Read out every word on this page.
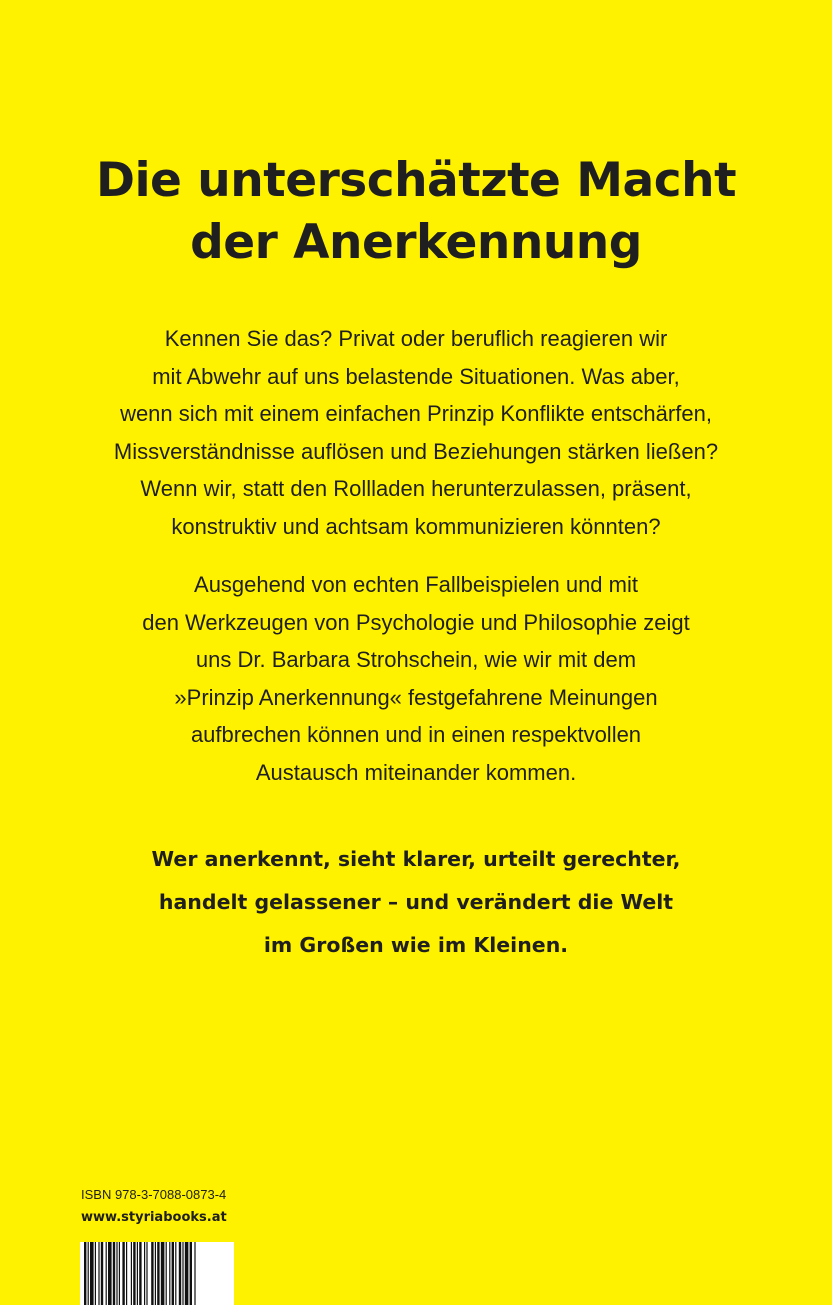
Die unterschätzte Macht
der Anerkennung

Kennen Sie das? Privat oder beruflich reagieren wir
mit Abwehr auf uns belastende Situationen. Was aber,
wenn sich mit einem einfachen Prinzip Konflikte entschärfen,
Missverständnisse auflösen und Beziehungen stärken ließen?
Wenn wir, statt den Rollladen herunterzulassen, präsent,
konstruktiv und achtsam kommunizieren könnten?

Ausgehend von echten Fallbeispielen und mit
den Werkzeugen von Psychologie und Philosophie zeigt
uns Dr. Barbara Strohschein, wie wir mit dem
»Prinzip Anerkennung« festgefahrene Meinungen
aufbrechen können und in einen respektvollen
Austausch miteinander kommen.

Wer anerkennt, sieht klarer, urteilt gerechter,
handelt gelassener – und verändert die Welt
im Großen wie im Kleinen.

ISBN 978-3-7088-0873-4
www.styriabooks.at
